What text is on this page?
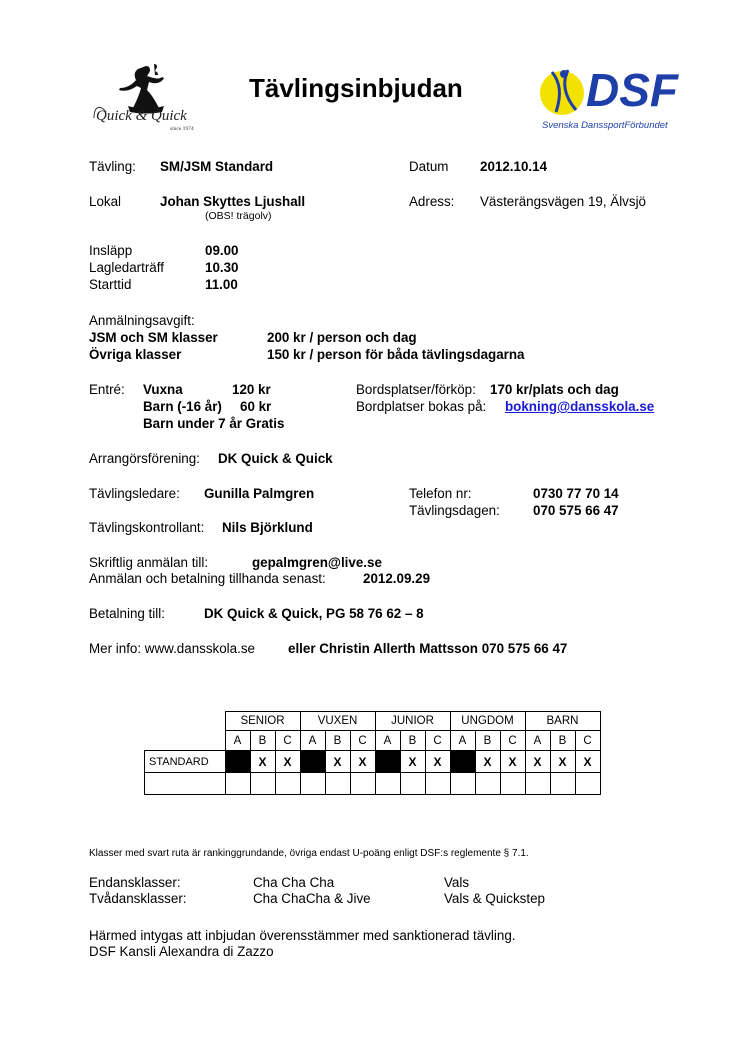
Quick & Quick
since 1974
Tävlingsinbjudan	DSF
Svenska DanssportFörbundet
Tävling: SM/JSM Standard	Datum 2012.10.14
Lokal	Johan Skyttes Ljushall
(OBS! trägolv)
Adress: Västerängsvägen 19, Älvsjö
Insläpp	09.00
Lagledarträff	10.30
Starttid	11.00
Anmälningsavgift:
JSM och SM klasser	200 kr / person och dag
Övriga klasser	150 kr / person för båda tävlingsdagarna
Entré: Vuxna	120 kr
Barn (-16 år) 60 kr
Barn under 7 år Gratis
Bordsplatser/förköp: 170 kr/plats och dag
Bordplatser bokas på: bokning@dansskola.se
Arrangörsförening: DK Quick & Quick
Tävlingsledare: Gunilla Palmgren	Telefon nr:	0730 77 70 14
Tävlingsdagen: 070 575 66 47
Tävlingskontrollant: Nils Björklund
Skriftlig anmälan till:	gepalmgren@live.se
Anmälan och betalning tillhanda senast:	2012.09.29
Betalning till:	DK Quick & Quick, PG 58 76 62 – 8
Mer info: www.dansskola.se eller Christin Allerth Mattsson 070 575 66 47
	SENIOR			VUXEN			JUNIOR			UNGDOM			BARN		
	A	B	C	A	B	C	A	B	C	A	B	C	A	B	C
STANDARD		X	X		X	X		X	X		X	X	X	X	X

Klasser med svart ruta är rankinggrundande, övriga endast U-poäng enligt DSF:s reglemente § 7.1.
Endansklasser:	Cha Cha Cha	Vals
Tvådansklasser:	Cha ChaCha & Jive	Vals & Quickstep
Härmed intygas att inbjudan överensstämmer med sanktionerad tävling.
DSF Kansli Alexandra di Zazzo
